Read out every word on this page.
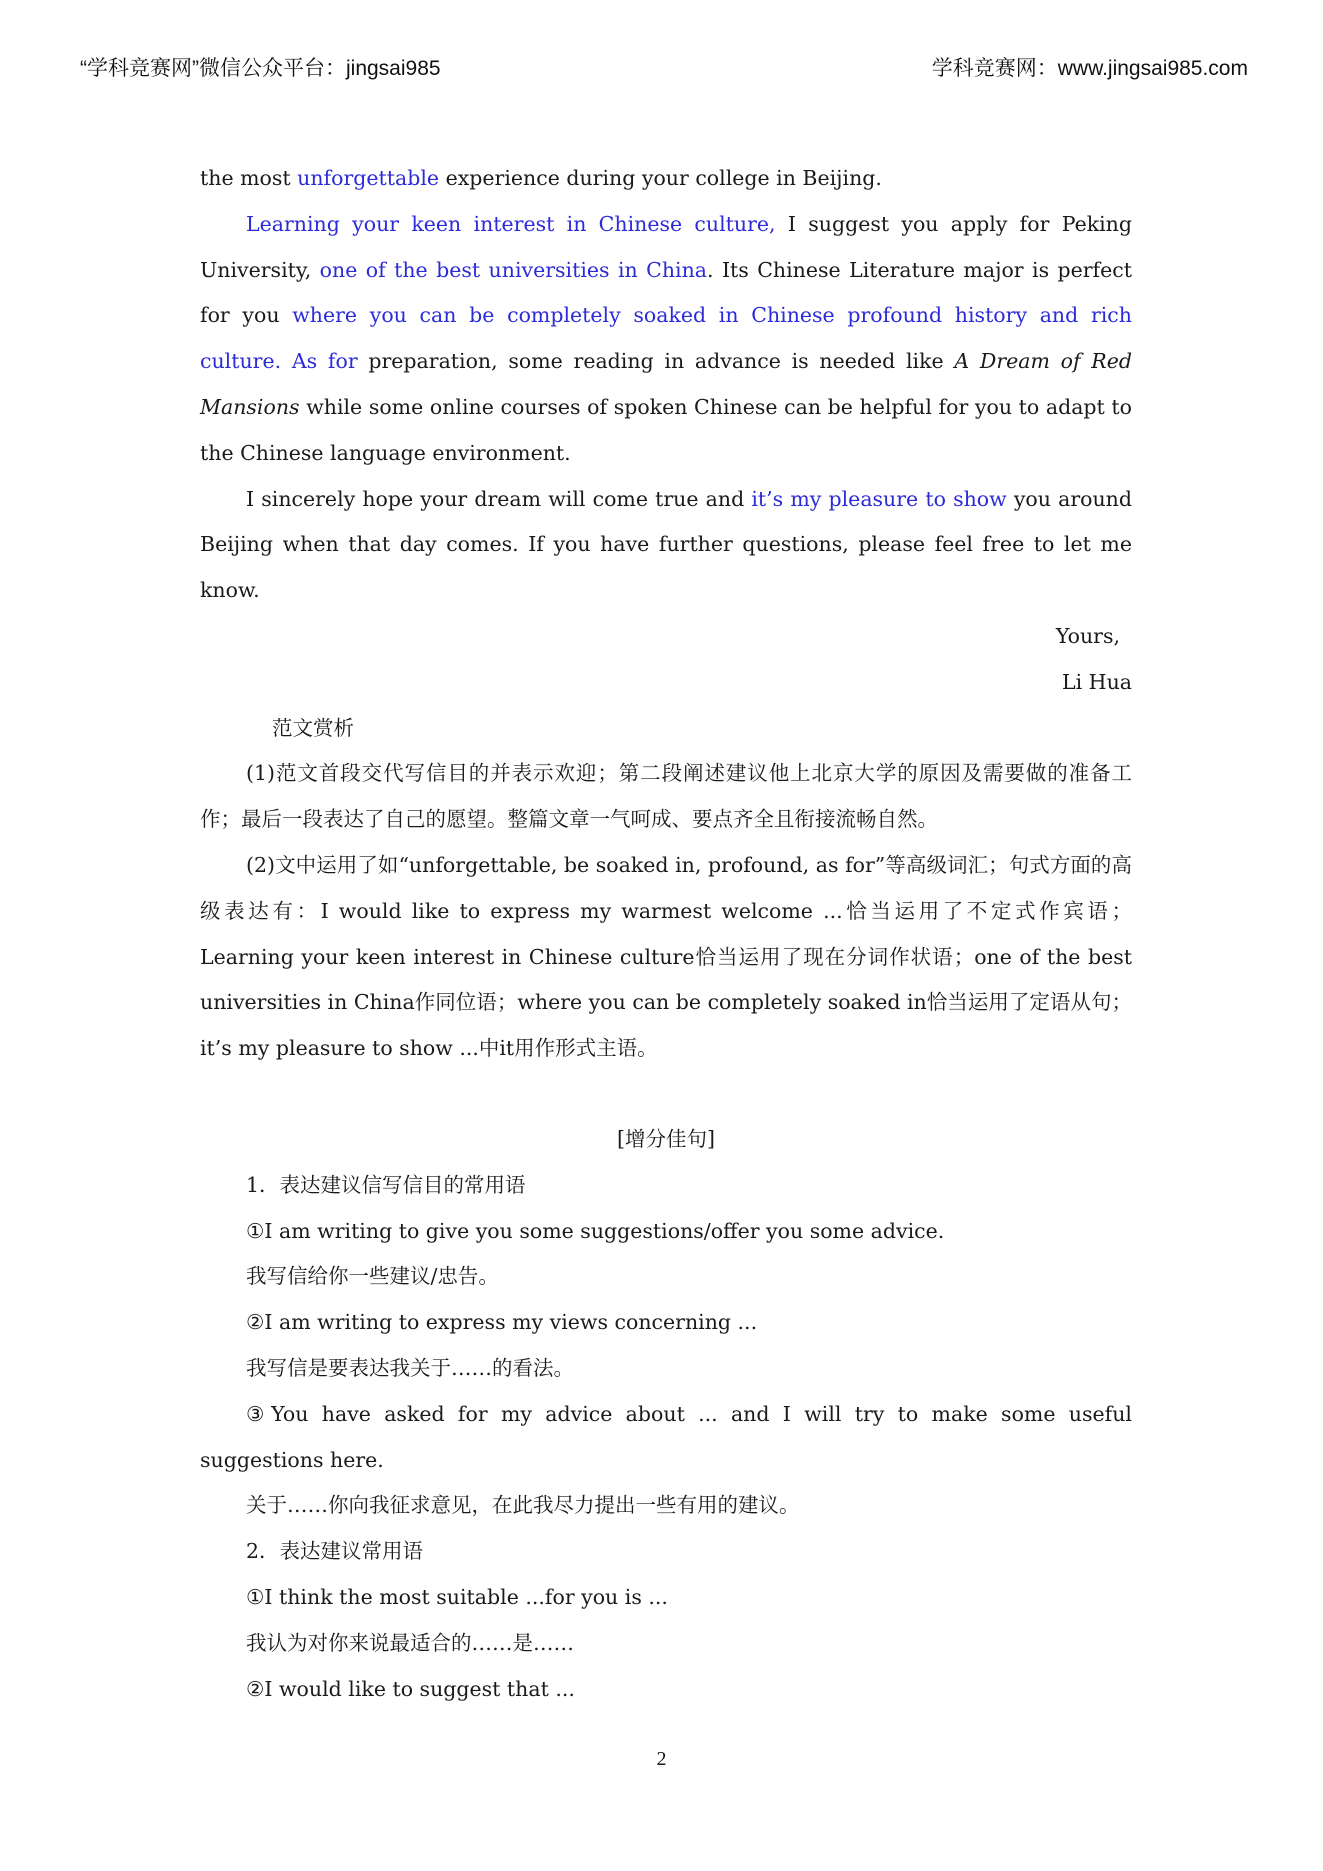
“学科竞赛网”微信公众平台：jingsai985	学科竞赛网：www.jingsai985.com

the most unforgettable experience during your college in Beijing.

Learning your keen interest in Chinese culture, I suggest you apply for Peking University, one of the best universities in China. Its Chinese Literature major is perfect for you where you can be completely soaked in Chinese profound history and rich culture. As for preparation, some reading in advance is needed like A Dream of Red Mansions while some online courses of spoken Chinese can be helpful for you to adapt to the Chinese language environment.

I sincerely hope your dream will come true and it’s my pleasure to show you around Beijing when that day comes. If you have further questions, please feel free to let me know.

Yours,

Li Hua

范文赏析

(1)范文首段交代写信目的并表示欢迎；第二段阐述建议他上北京大学的原因及需要做的准备工作；最后一段表达了自己的愿望。整篇文章一气呵成、要点齐全且衔接流畅自然。

(2)文中运用了如“unforgettable, be soaked in, profound, as for”等高级词汇；句式方面的高级表达有：I would like to express my warmest welcome ...恰当运用了不定式作宾语；Learning your keen interest in Chinese culture恰当运用了现在分词作状语；one of the best universities in China作同位语；where you can be completely soaked in恰当运用了定语从句； it’s my pleasure to show ...中it用作形式主语。

[增分佳句]

1．表达建议信写信目的常用语

①I am writing to give you some suggestions/offer you some advice.

我写信给你一些建议/忠告。

②I am writing to express my views concerning ...

我写信是要表达我关于……的看法。

③You have asked for my advice about ... and I will try to make some useful suggestions here.

关于……你向我征求意见，在此我尽力提出一些有用的建议。

2．表达建议常用语

①I think the most suitable ...for you is ...

我认为对你来说最适合的……是……

②I would like to suggest that ...

2
